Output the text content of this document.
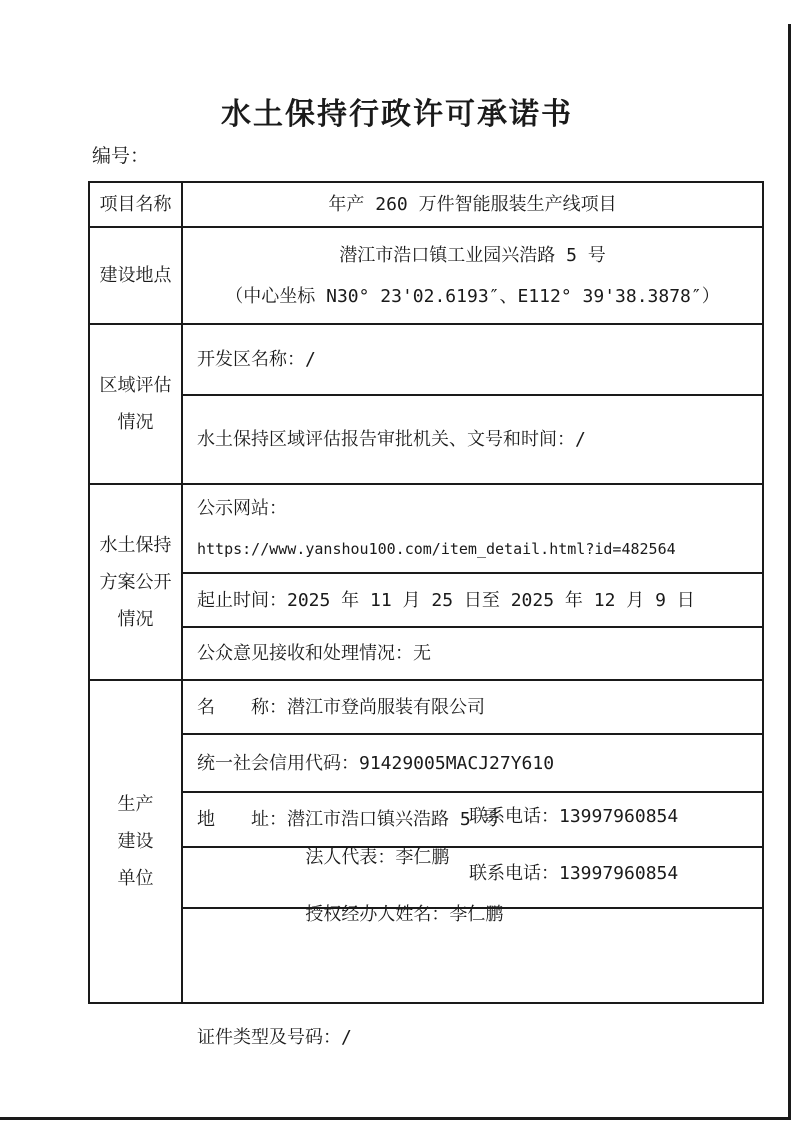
水土保持行政许可承诺书
编号：
项目名称	年产 260 万件智能服装生产线项目
建设地点
潜江市浩口镇工业园兴浩路 5 号
（中心坐标 N30° 23'02.6193″、E112° 39'38.3878″）
区域评估
情况
开发区名称：/
水土保持区域评估报告审批机关、文号和时间：/
水土保持
方案公开
情况
公示网站：
https://www.yanshou100.com/item_detail.html?id=482564
起止时间：2025 年 11 月 25 日至 2025 年 12 月 9 日
公众意见接收和处理情况：无
生产
建设
单位
名　　称：潜江市登尚服装有限公司
统一社会信用代码：91429005MACJ27Y610
地　　址：潜江市浩口镇兴浩路 5 号

法人代表：李仁鹏

联系电话：13997960854

授权经办人姓名：李仁鹏

联系电话：13997960854

证件类型及号码：/
